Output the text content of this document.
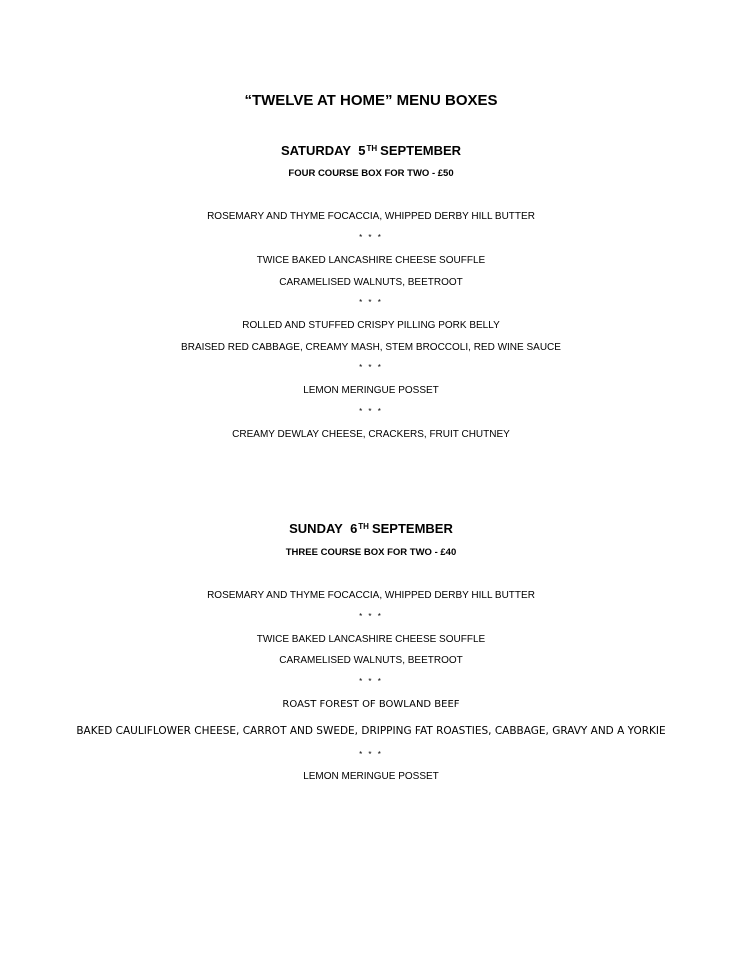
“TWELVE AT HOME” MENU BOXES
SATURDAY 5TH SEPTEMBER
FOUR COURSE BOX FOR TWO - £50
ROSEMARY AND THYME FOCACCIA, WHIPPED DERBY HILL BUTTER
* * *
TWICE BAKED LANCASHIRE CHEESE SOUFFLE
CARAMELISED WALNUTS, BEETROOT
* * *
ROLLED AND STUFFED CRISPY PILLING PORK BELLY
BRAISED RED CABBAGE, CREAMY MASH, STEM BROCCOLI, RED WINE SAUCE
* * *
LEMON MERINGUE POSSET
* * *
CREAMY DEWLAY CHEESE, CRACKERS, FRUIT CHUTNEY
SUNDAY 6TH SEPTEMBER
THREE COURSE BOX FOR TWO - £40
ROSEMARY AND THYME FOCACCIA, WHIPPED DERBY HILL BUTTER
* * *
TWICE BAKED LANCASHIRE CHEESE SOUFFLE
CARAMELISED WALNUTS, BEETROOT
* * *
ROAST FOREST OF BOWLAND BEEF
BAKED CAULIFLOWER CHEESE, CARROT AND SWEDE, DRIPPING FAT ROASTIES, CABBAGE, GRAVY AND A YORKIE
* * *
LEMON MERINGUE POSSET
